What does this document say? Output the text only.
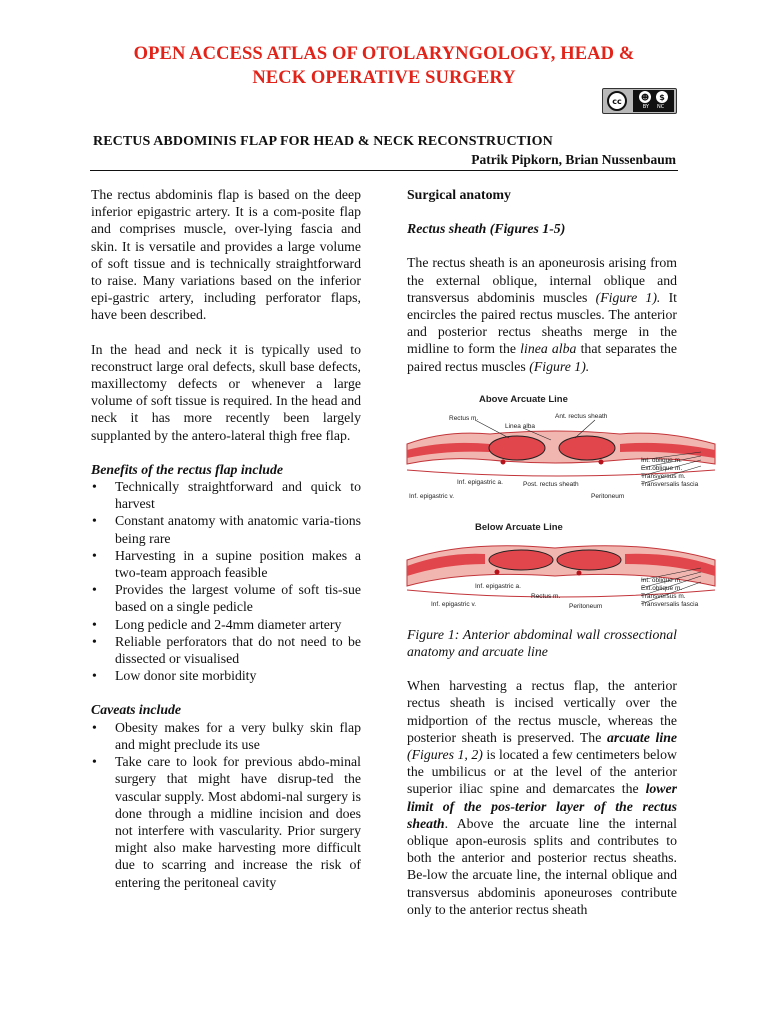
OPEN ACCESS ATLAS OF OTOLARYNGOLOGY, HEAD &
NECK OPERATIVE SURGERY
cc	☻	$
BY NC
RECTUS ABDOMINIS FLAP FOR HEAD & NECK RECONSTRUCTION
Patrik Pipkorn, Brian Nussenbaum

The rectus abdominis flap is based on the deep inferior epigastric artery. It is a com-posite flap and comprises muscle, over-lying fascia and skin. It is versatile and provides a large volume of soft tissue and is technically straightforward to raise. Many variations based on the inferior epi-gastric artery, including perforator flaps, have been described.

In the head and neck it is typically used to reconstruct large oral defects, skull base defects, maxillectomy defects or whenever a large volume of soft tissue is required. In the head and neck it has more recently been largely supplanted by the antero-lateral thigh free flap.

Benefits of the rectus flap include
• Technically straightforward and quick to harvest
• Constant anatomy with anatomic varia-tions being rare
• Harvesting in a supine position makes a two-team approach feasible
• Provides the largest volume of soft tis-sue based on a single pedicle
• Long pedicle and 2-4mm diameter artery
• Reliable perforators that do not need to be dissected or visualised
• Low donor site morbidity
Caveats include
• Obesity makes for a very bulky skin flap and might preclude its use
• Take care to look for previous abdo-minal surgery that might have disrup-ted the vascular supply. Most abdomi-nal surgery is done through a midline incision and does not interfere with vascularity. Prior surgery might also make harvesting more difficult due to scarring and increase the risk of entering the peritoneal cavity
Surgical anatomy
Rectus sheath (Figures 1-5)

The rectus sheath is an aponeurosis arising from the external oblique, internal oblique and transversus abdominis muscles (Figure 1). It encircles the paired rectus muscles. The anterior and posterior rectus sheaths merge in the midline to form the linea alba that separates the paired rectus muscles (Figure 1).

Above Arcuate Line
Rectus m.
Linea alba
Ant. rectus sheath
Inf. epigastric a.	Post. rectus sheath
Inf. epigastric v.	Peritoneum
Int. oblique m.
Ext.oblique m.
Transversus m.
Transversalis fascia
Below Arcuate Line
Inf. epigastric a.
Inf. epigastric v.
Rectus m.
Peritoneum
Int. oblique m.
Ext.oblique m.
Transversus m.
Transversalis fascia
Figure 1: Anterior abdominal wall crossectional anatomy and arcuate line

When harvesting a rectus flap, the anterior rectus sheath is incised vertically over the midportion of the rectus muscle, whereas the posterior sheath is preserved. The arcuate line (Figures 1, 2) is located a few centimeters below the umbilicus or at the level of the anterior superior iliac spine and demarcates the lower limit of the pos-terior layer of the rectus sheath. Above the arcuate line the internal oblique apon-eurosis splits and contributes to both the anterior and posterior rectus sheaths. Be-low the arcuate line, the internal oblique and transversus abdominis aponeuroses contribute only to the anterior rectus sheath
